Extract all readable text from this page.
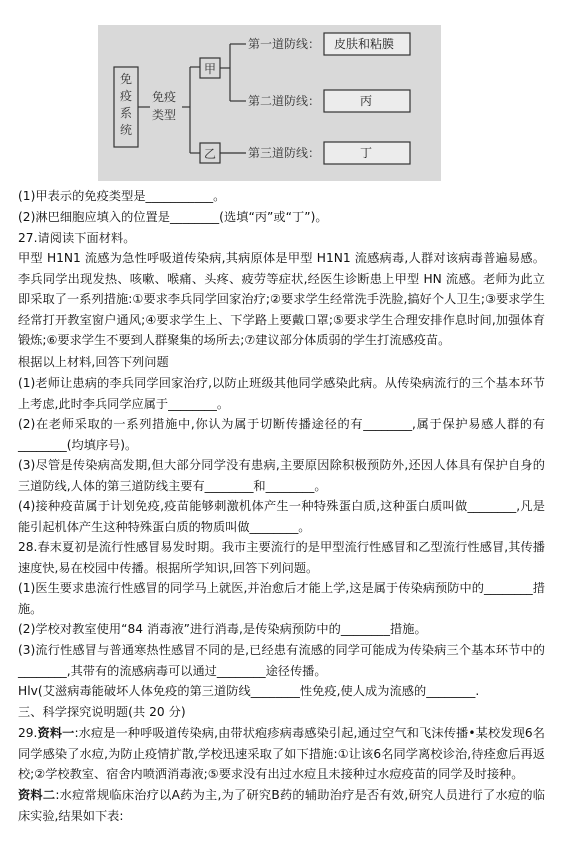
免疫系统
免疫
类型
甲
乙
第一道防线：
第二道防线：
第三道防线：
皮肤和粘膜
丙
丁
(1)甲表示的免疫类型是___________。
(2)淋巴细胞应填入的位置是________(选填“丙”或“丁”)。
27.请阅读下面材料。
甲型 H1N1 流感为急性呼吸道传染病,其病原体是甲型 H1N1 流感病毒,人群对该病毒普遍易感。李兵同学出现发热、咳嗽、喉痛、头疼、疲劳等症状,经医生诊断患上甲型 HN 流感。老师为此立即采取了一系列措施:①要求李兵同学回家治疗;②要求学生经常洗手洗脸,搞好个人卫生;③要求学生经常打开教室窗户通风;④要求学生上、下学路上要戴口罩;⑤要求学生合理安排作息时间,加强体育锻炼;⑥要求学生不要到人群聚集的场所去;⑦建议部分体质弱的学生打流感疫苗。
根据以上材料,回答下列问题
(1)老师让患病的李兵同学回家治疗,以防止班级其他同学感染此病。从传染病流行的三个基本环节上考虑,此时李兵同学应属于________。
(2)在老师采取的一系列措施中,你认为属于切断传播途径的有________,属于保护易感人群的有________(均填序号)。
(3)尽管是传染病高发期,但大部分同学没有患病,主要原因除积极预防外,还因人体具有保护自身的三道防线,人体的第三道防线主要有________和________。
(4)接种疫苗属于计划免疫,疫苗能够刺激机体产生一种特殊蛋白质,这种蛋白质叫做________,凡是能引起机体产生这种特殊蛋白质的物质叫做________。
28.春末夏初是流行性感冒易发时期。我市主要流行的是甲型流行性感冒和乙型流行性感冒,其传播速度快,易在校园中传播。根据所学知识,回答下列问题。
(1)医生要求患流行性感冒的同学马上就医,并治愈后才能上学,这是属于传染病预防中的________措施。
(2)学校对教室使用“84 消毒液”进行消毒,是传染病预防中的________措施。
(3)流行性感冒与普通寒热性感冒不同的是,已经患有流感的同学可能成为传染病三个基本环节中的________,其带有的流感病毒可以通过________途径传播。
Hlv(艾滋病毒能破坏人体免疫的第三道防线________性免疫,使人成为流感的________.
三、科学探究说明题(共 20 分)
29.资料一:水痘是一种呼吸道传染病,由带状疱疹病毒感染引起,通过空气和飞沫传播•某校发现6名同学感染了水痘,为防止疫情扩散,学校迅速采取了如下措施:①让该6名同学离校诊治,待痊愈后再返校;②学校教室、宿舍内喷洒消毒液;⑤要求没有出过水痘且未接种过水痘疫苗的同学及时接种。
资料二:水痘常规临床治疗以A药为主,为了研究B药的辅助治疗是否有效,研究人员进行了水痘的临床实验,结果如下表:
